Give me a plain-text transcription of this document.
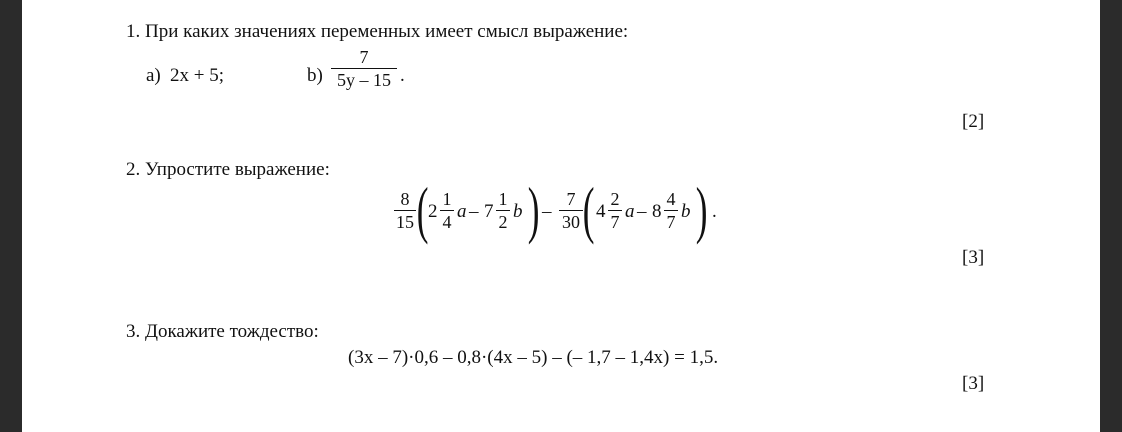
1. При каких значениях переменных имеет смысл выражение:
а) 2x + 5;	b)
7
5y – 15 .
[2]
2. Упростите выражение:
8
15 ( 2
1
4 a – 7
1
2 b ) –
7
30 ( 4
2
7 a – 8
4
7 b ) .
[3]
3. Докажите тождество:
(3x – 7)·0,6 – 0,8·(4x – 5) – (– 1,7 – 1,4x) = 1,5.
[3]
